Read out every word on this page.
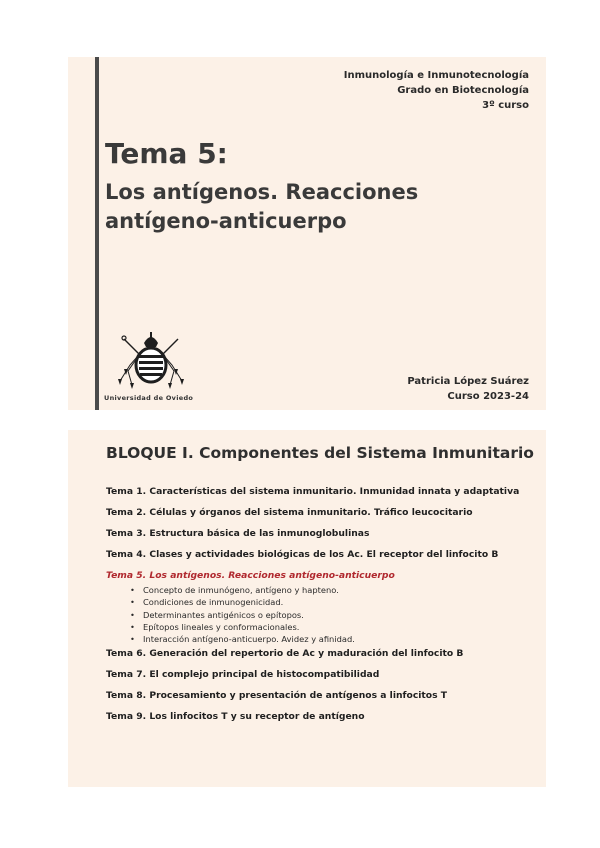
Inmunología e Inmunotecnología
Grado en Biotecnología
3º curso
Tema 5:
Los antígenos. Reacciones antígeno-anticuerpo
Universidad de Oviedo
Patricia López Suárez
Curso 2023-24
BLOQUE I. Componentes del Sistema Inmunitario
Tema 1. Características del sistema inmunitario. Inmunidad innata y adaptativa
Tema 2. Células y órganos del sistema inmunitario. Tráfico leucocitario
Tema 3. Estructura básica de las inmunoglobulinas
Tema 4. Clases y actividades biológicas de los Ac. El receptor del linfocito B
Tema 5. Los antígenos. Reacciones antígeno-anticuerpo
• Concepto de inmunógeno, antígeno y hapteno.
• Condiciones de inmunogenicidad.
• Determinantes antigénicos o epítopos.
• Epítopos lineales y conformacionales.
• Interacción antígeno-anticuerpo. Avidez y afinidad.
Tema 6. Generación del repertorio de Ac y maduración del linfocito B
Tema 7. El complejo principal de histocompatibilidad
Tema 8. Procesamiento y presentación de antígenos a linfocitos T
Tema 9. Los linfocitos T y su receptor de antígeno
